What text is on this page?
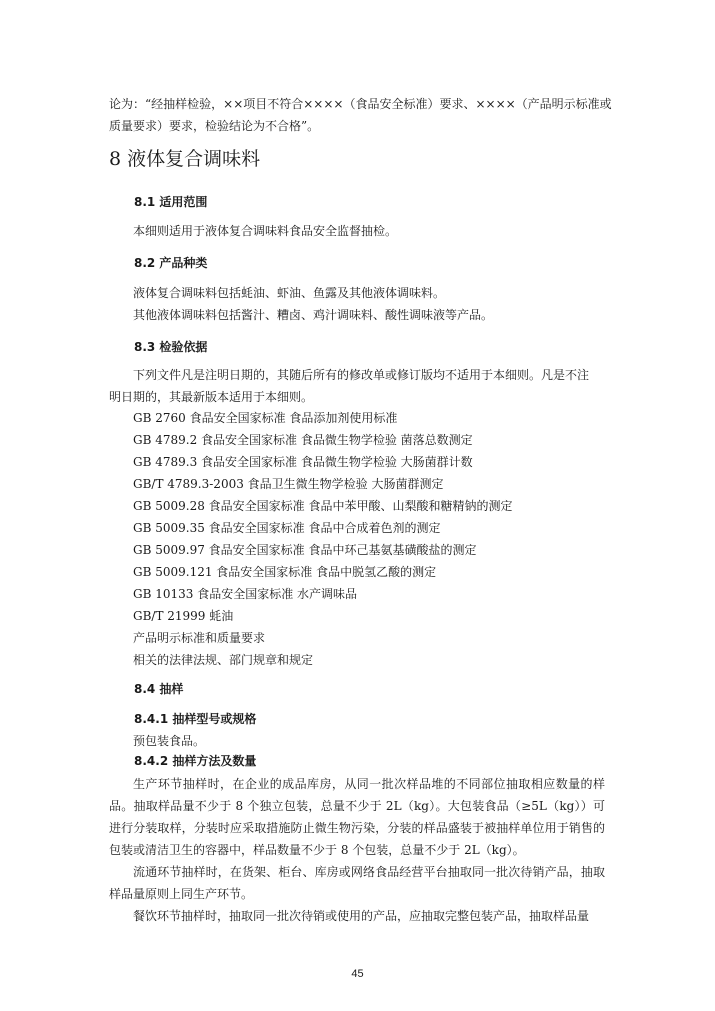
论为：“经抽样检验，××项目不符合××××（食品安全标准）要求、××××（产品明示标准或
质量要求）要求，检验结论为不合格”。
8 液体复合调味料
8.1 适用范围
本细则适用于液体复合调味料食品安全监督抽检。
8.2 产品种类
液体复合调味料包括蚝油、虾油、鱼露及其他液体调味料。
其他液体调味料包括酱汁、糟卤、鸡汁调味料、酸性调味液等产品。
8.3 检验依据
下列文件凡是注明日期的，其随后所有的修改单或修订版均不适用于本细则。凡是不注
明日期的，其最新版本适用于本细则。
GB 2760 食品安全国家标准 食品添加剂使用标准
GB 4789.2 食品安全国家标准 食品微生物学检验 菌落总数测定
GB 4789.3 食品安全国家标准 食品微生物学检验 大肠菌群计数
GB/T 4789.3-2003 食品卫生微生物学检验 大肠菌群测定
GB 5009.28 食品安全国家标准 食品中苯甲酸、山梨酸和糖精钠的测定
GB 5009.35 食品安全国家标准 食品中合成着色剂的测定
GB 5009.97 食品安全国家标准 食品中环己基氨基磺酸盐的测定
GB 5009.121 食品安全国家标准 食品中脱氢乙酸的测定
GB 10133 食品安全国家标准 水产调味品
GB/T 21999 蚝油
产品明示标准和质量要求
相关的法律法规、部门规章和规定
8.4 抽样
8.4.1 抽样型号或规格
预包装食品。
8.4.2 抽样方法及数量
生产环节抽样时，在企业的成品库房，从同一批次样品堆的不同部位抽取相应数量的样品。抽取样品量不少于 8 个独立包装，总量不少于 2L（kg）。大包装食品（≥5L（kg））可进行分装取样，分装时应采取措施防止微生物污染，分装的样品盛装于被抽样单位用于销售的包装或清洁卫生的容器中，样品数量不少于 8 个包装，总量不少于 2L（kg）。
流通环节抽样时，在货架、柜台、库房或网络食品经营平台抽取同一批次待销产品，抽取样品量原则上同生产环节。
餐饮环节抽样时，抽取同一批次待销或使用的产品，应抽取完整包装产品，抽取样品量
45
